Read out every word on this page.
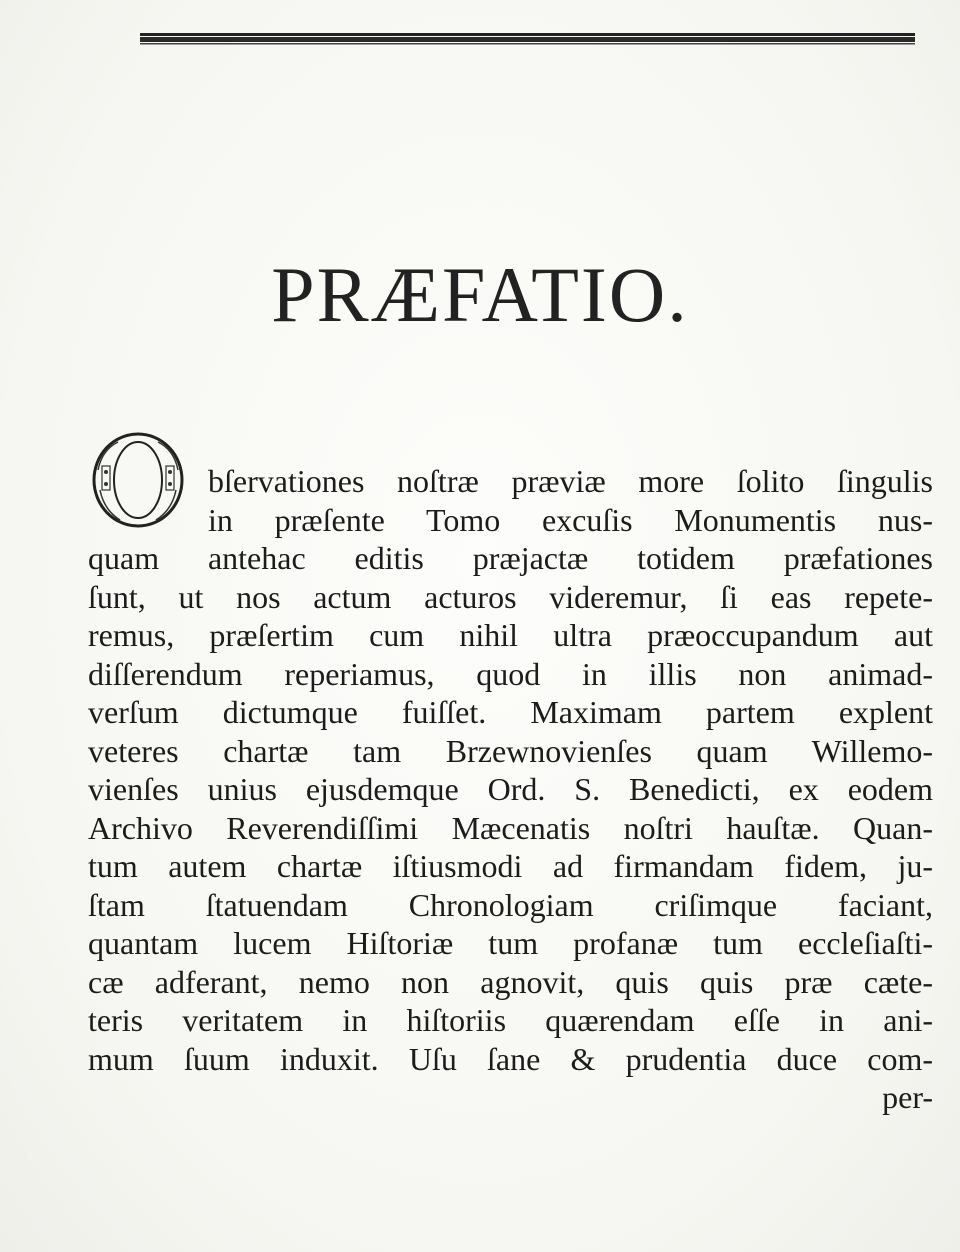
PRÆFATIO.
bſervationes noſtræ præviæ more ſolito ſingulis
in præſente Tomo excuſis Monumentis nus-
quam antehac editis præjactæ totidem præfationes
ſunt, ut nos actum acturos videremur, ſi eas repete-
remus, præſertim cum nihil ultra præoccupandum aut
diſſerendum reperiamus, quod in illis non animad-
verſum dictumque fuiſſet. Maximam partem explent
veteres chartæ tam Brzewnovienſes quam Willemo-
vienſes unius ejusdemque Ord. S. Benedicti, ex eodem
Archivo Reverendiſſimi Mæcenatis noſtri hauſtæ. Quan-
tum autem chartæ iſtiusmodi ad firmandam fidem, ju-
ſtam ſtatuendam Chronologiam criſimque faciant,
quantam lucem Hiſtoriæ tum profanæ tum eccleſiaſti-
cæ adferant, nemo non agnovit, quis quis præ cæte-
teris veritatem in hiſtoriis quærendam eſſe in ani-
mum ſuum induxit. Uſu ſane & prudentia duce com-
per-
